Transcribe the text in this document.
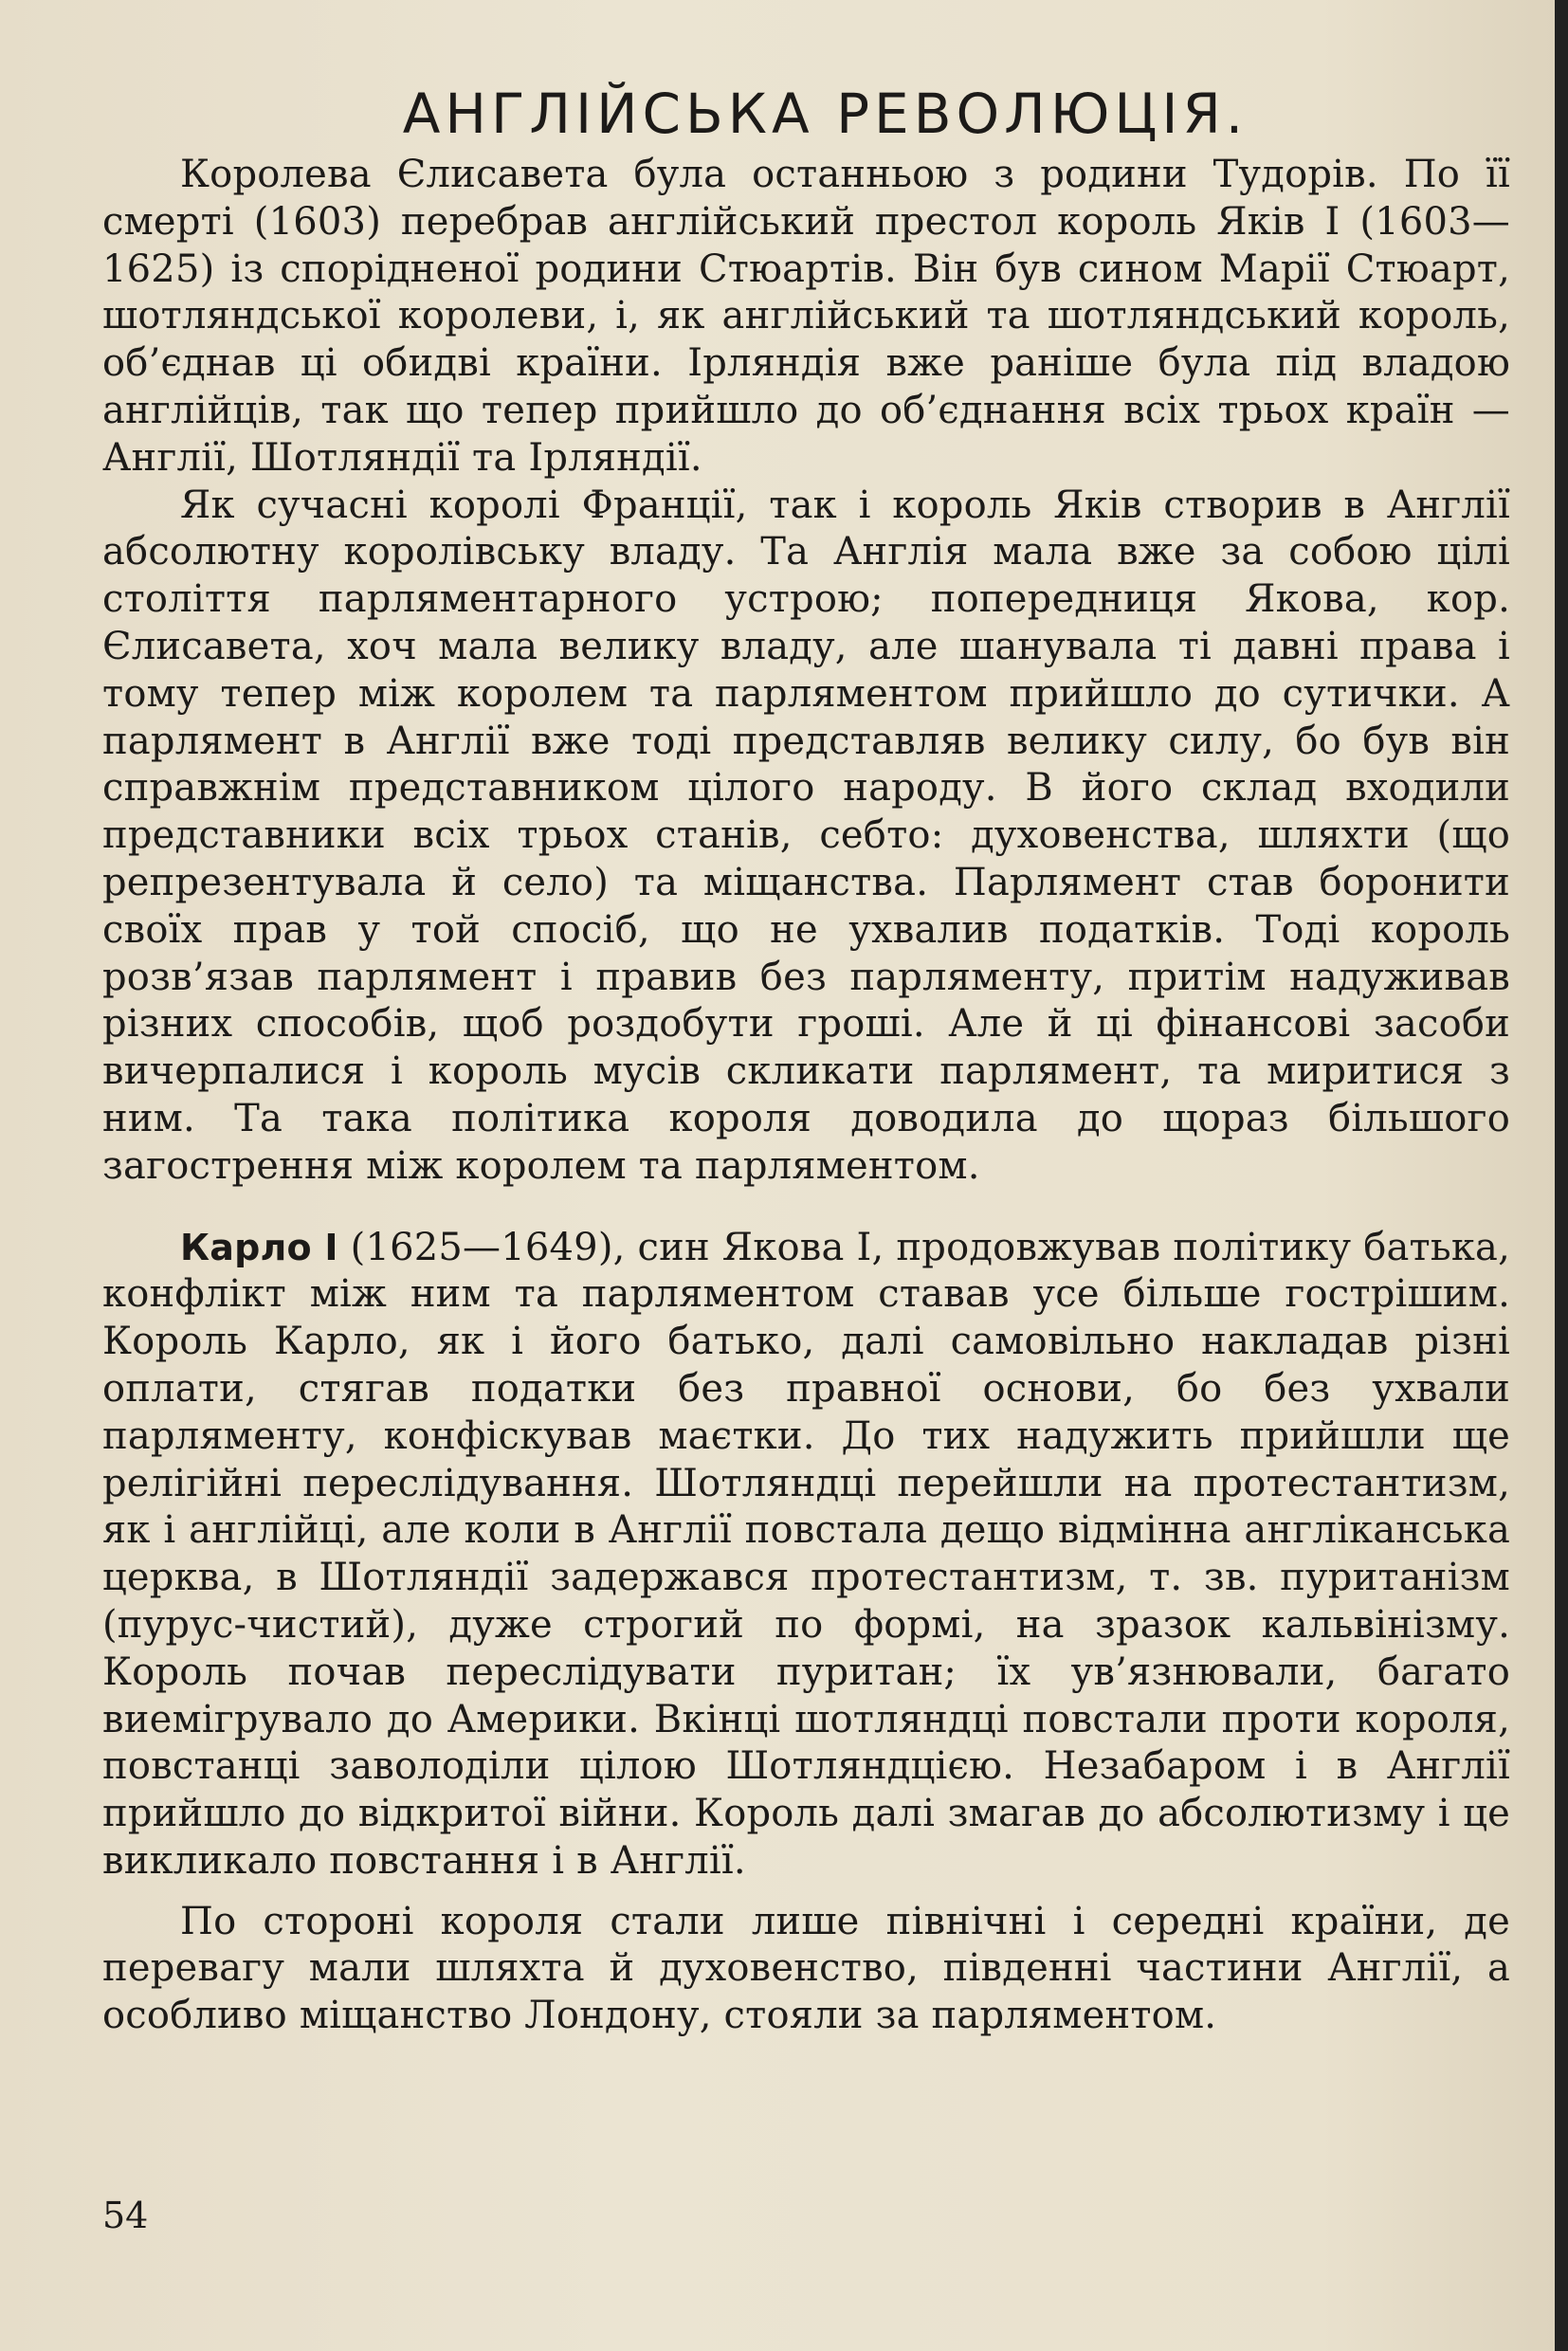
АНГЛІЙСЬКА РЕВОЛЮЦІЯ.

Королева Єлисавета була останньою з родини Тудорів. По її смерті (1603) перебрав англійський престол король Яків I (1603—1625) із спорідненої родини Стюартів. Він був сином Марії Стюарт, шотляндської королеви, і, як англійський та шотляндський король, об’єднав ці обидві країни. Ірляндія вже раніше була під владою англійців, так що тепер прийшло до об’єднання всіх трьох країн — Англії, Шотляндії та Ірляндії.

Як сучасні королі Франції, так і король Яків створив в Англії абсолютну королівську владу. Та Англія мала вже за собою цілі століття парляментарного устрою; попередниця Якова, кор. Єлисавета, хоч мала велику владу, але шанувала ті давні права і тому тепер між королем та парляментом прийшло до сутички. А парлямент в Англії вже тоді представляв велику силу, бо був він справжнім представником цілого народу. В його склад входили представники всіх трьох станів, себто: духовенства, шляхти (що репрезентувала й село) та міщанства. Парлямент став боронити своїх прав у той спосіб, що не ухвалив податків. Тоді король розв’язав парлямент і правив без парляменту, притім надуживав різних способів, щоб роздобути гроші. Але й ці фінансові засоби вичерпалися і король мусів скликати парлямент, та миритися з ним. Та така політика короля доводила до щораз більшого загострення між королем та парляментом.

Карло I (1625—1649), син Якова I, продовжував політику батька, конфлікт між ним та парляментом ставав усе більше гострішим. Король Карло, як і його батько, далі самовільно накладав різні оплати, стягав податки без правної основи, бо без ухвали парляменту, конфіскував маєтки. До тих надужить прийшли ще релігійні переслідування. Шотляндці перейшли на протестантизм, як і англійці, але коли в Англії повстала дещо відмінна англіканська церква, в Шотляндії задержався протестантизм, т. зв. пуританізм (пурус-чистий), дуже строгий по формі, на зразок кальвінізму. Король почав переслідувати пуритан; їх ув’язнювали, багато виемігрувало до Америки. Вкінці шотляндці повстали проти короля, повстанці заволоділи цілою Шотляндцією. Незабаром і в Англії прийшло до відкритої війни. Король далі змагав до абсолютизму і це викликало повстання і в Англії.

По стороні короля стали лише північні і середні країни, де перевагу мали шляхта й духовенство, південні частини Англії, а особливо міщанство Лондону, стояли за парляментом.

54
